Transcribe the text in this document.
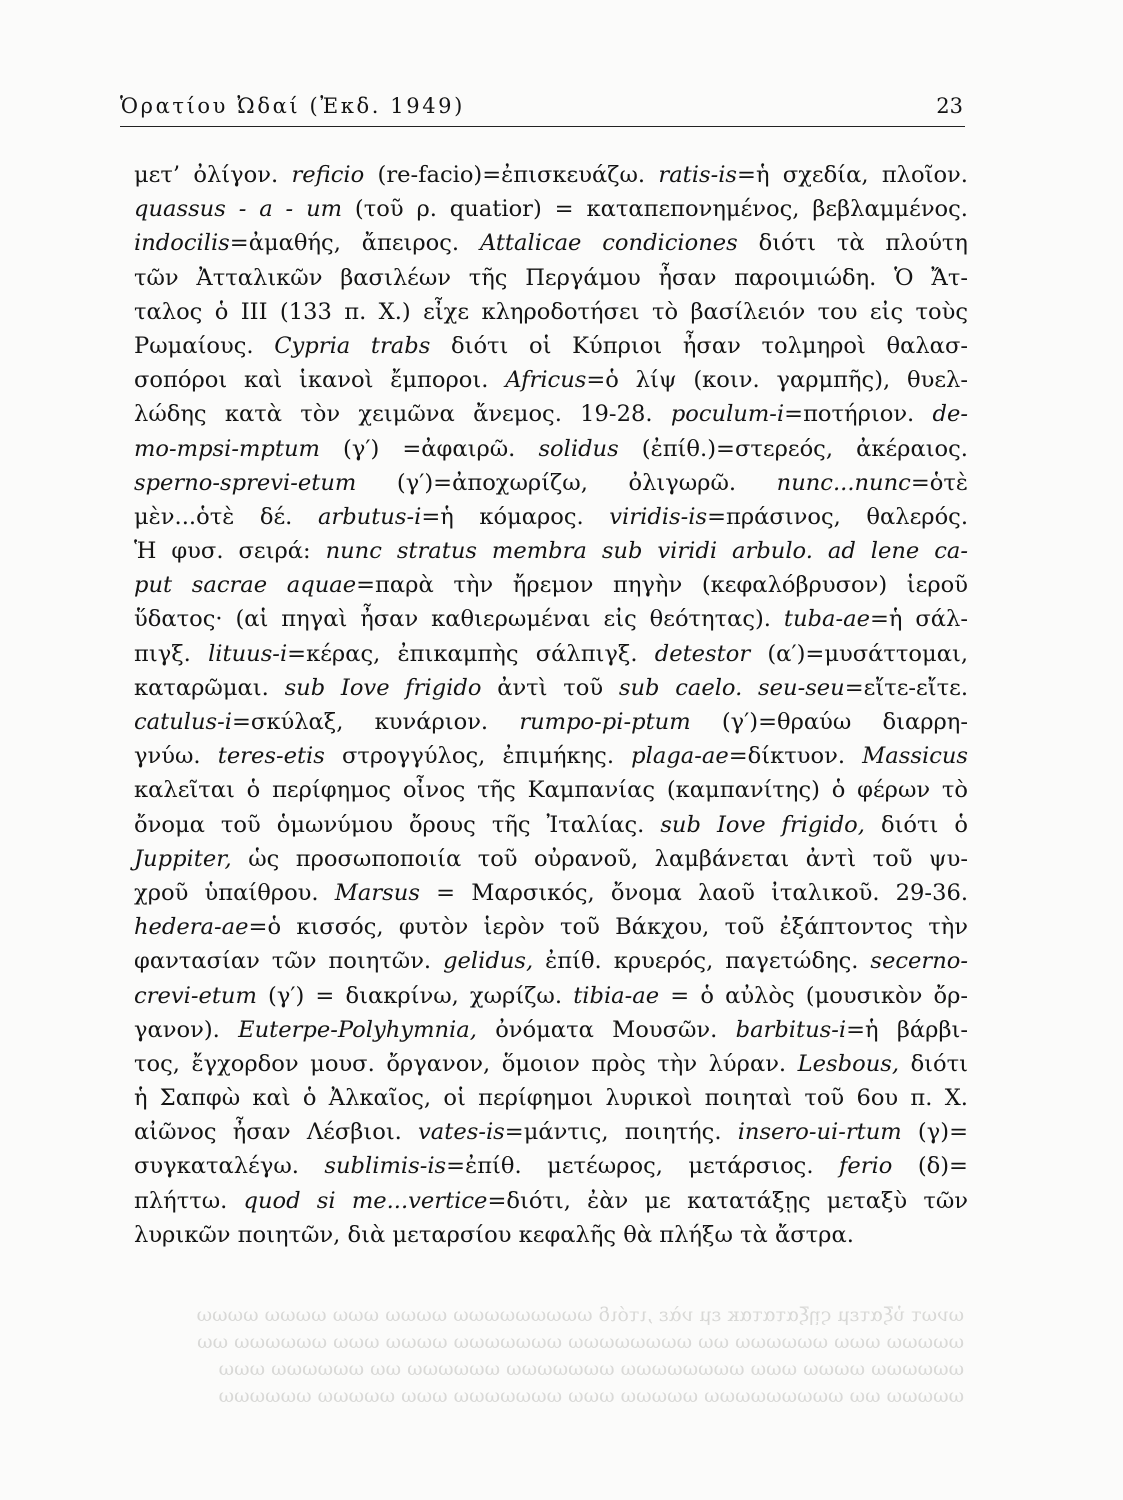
Ὁρατίου Ὠδαί (Ἐκδ. 1949)	23
μετ’ ὀλίγον. reficio (re-facio)=ἐπισκευάζω. ratis-is=ἡ σχεδία, πλοῖον.
quassus - a - um (τοῦ ρ. quatior) = καταπεπονημένος, βεβλαμμένος.
indocilis=ἀμαθής, ἄπειρος. Attalicae condiciones διότι τὰ πλούτη
τῶν Ἀτταλικῶν βασιλέων τῆς Περγάμου ἦσαν παροιμιώδη. Ὁ Ἄτ-
ταλος ὁ III (133 π. Χ.) εἶχε κληροδοτήσει τὸ βασίλειόν του εἰς τοὺς
Ρωμαίους. Cypria trabs διότι οἱ Κύπριοι ἦσαν τολμηροὶ θαλασ-
σοπόροι καὶ ἱκανοὶ ἔμποροι. Africus=ὁ λίψ (κοιν. γαρμπῆς), θυελ-
λώδης κατὰ τὸν χειμῶνα ἄνεμος. 19-28. poculum-i=ποτήριον. de-
mo-mpsi-mptum (γ′) =ἀφαιρῶ. solidus (ἐπίθ.)=στερεός, ἀκέραιος.
sperno-sprevi-etum (γ′)=ἀποχωρίζω, ὀλιγωρῶ. nunc...nunc=ὁτὲ
μὲν...ὁτὲ δέ. arbutus-i=ἡ κόμαρος. viridis-is=πράσινος, θαλερός.
Ἡ φυσ. σειρά: nunc stratus membra sub viridi arbulo. ad lene ca-
put sacrae aquae=παρὰ τὴν ἤρεμον πηγὴν (κεφαλόβρυσον) ἱεροῦ
ὕδατος· (αἱ πηγαὶ ἦσαν καθιερωμέναι εἰς θεότητας). tuba-ae=ἡ σάλ-
πιγξ. lituus-i=κέρας, ἐπικαμπὴς σάλπιγξ. detestor (α′)=μυσάττομαι,
καταρῶμαι. sub Iove frigido ἀντὶ τοῦ sub caelo. seu-seu=εἴτε-εἴτε.
catulus-i=σκύλαξ, κυνάριον. rumpo-pi-ptum (γ′)=θραύω διαρρη-
γνύω. teres-etis στρογγύλος, ἐπιμήκης. plaga-ae=δίκτυον. Massicus
καλεῖται ὁ περίφημος οἶνος τῆς Καμπανίας (καμπανίτης) ὁ φέρων τὸ
ὄνομα τοῦ ὁμωνύμου ὄρους τῆς Ἰταλίας. sub Iove frigido, διότι ὁ
Juppiter, ὡς προσωποποιία τοῦ οὐρανοῦ, λαμβάνεται ἀντὶ τοῦ ψυ-
χροῦ ὑπαίθρου. Marsus = Μαρσικός, ὄνομα λαοῦ ἰταλικοῦ. 29-36.
hedera-ae=ὁ κισσός, φυτὸν ἱερὸν τοῦ Βάκχου, τοῦ ἐξάπτοντος τὴν
φαντασίαν τῶν ποιητῶν. gelidus, ἐπίθ. κρυερός, παγετώδης. secerno-
crevi-etum (γ′) = διακρίνω, χωρίζω. tibia-ae = ὁ αὐλὸς (μουσικὸν ὄρ-
γανον). Euterpe-Polyhymnia, ὀνόματα Μουσῶν. barbitus-i=ἡ βάρβι-
τος, ἔγχορδον μουσ. ὄργανον, ὅμοιον πρὸς τὴν λύραν. Lesbous, διότι
ἡ Σαπφὼ καὶ ὁ Ἀλκαῖος, οἱ περίφημοι λυρικοὶ ποιηταὶ τοῦ 6ου π. Χ.
αἰῶνος ἦσαν Λέσβιοι. vates-is=μάντις, ποιητής. insero-ui-rtum (γ)=
συγκαταλέγω. sublimis-is=ἐπίθ. μετέωρος, μετάρσιος. ferio (δ)=
πλήττω. quod si me...vertice=διότι, ἐὰν με κατατάξῃς μεταξὺ τῶν
λυρικῶν ποιητῶν, διὰ μεταρσίου κεφαλῆς θὰ πλήξω τὰ ἄστρα.
ωνωτ ὐξατεμ ςῃξατατακ εμ νὰε ,ιτόιδ ωωωωωωωωω ωωωω ωωω ωωωω ωωωω
ωωωωω ωωω ωωωωωω ωω ωωωωωωωω ωωωωωωω ωωωω ωωω ωωωωωω ωω
ωωωωωω ωωωω ωωω ωωωωωωωω ωωωωωωω ωωωωωω ωω ωωωωωω ωωω
ωωωωω ωω ωωωωωωωωω ωωωωω ωωω ωωωωωωω ωωω ωωωωω ωωωωωω
